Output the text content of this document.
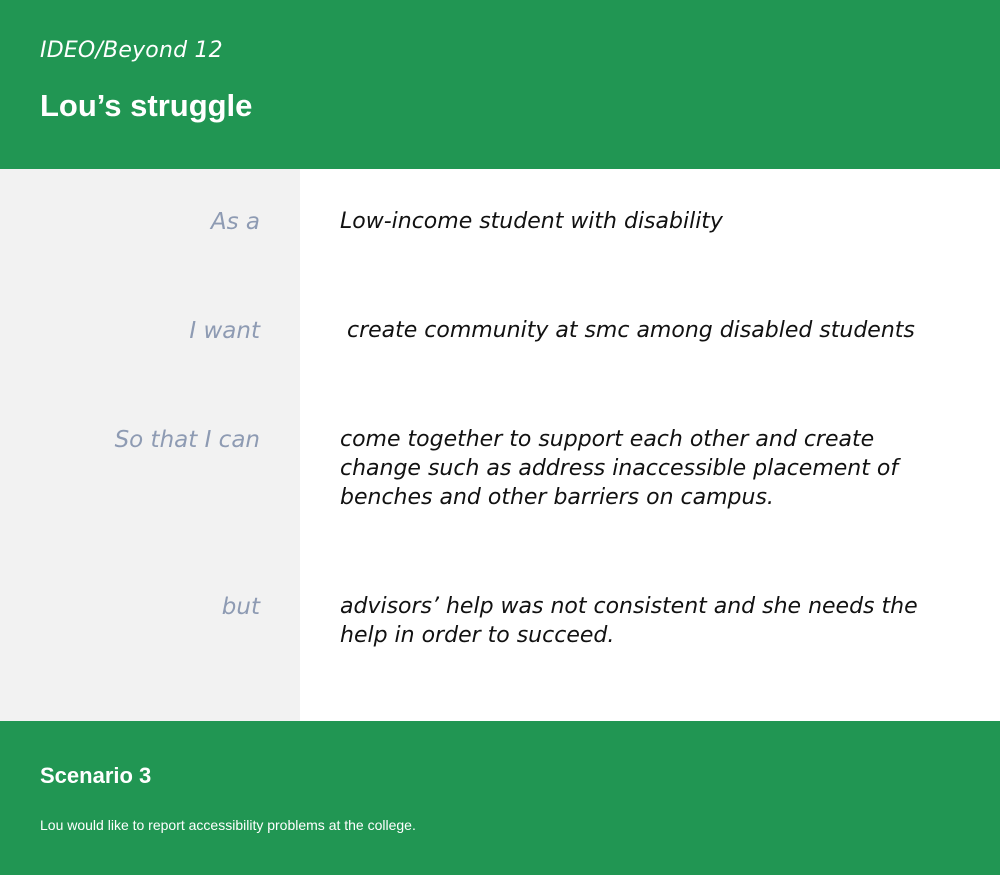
IDEO/Beyond 12
Lou’s struggle
As a	Low-income student with disability
I want	create community at smc among disabled students
So that I can	come together to support each other and create change such as address inaccessible placement of benches and other barriers on campus.
but	advisors’ help was not consistent and she needs the help in order to succeed.
Scenario 3
Lou would like to report accessibility problems at the college.
